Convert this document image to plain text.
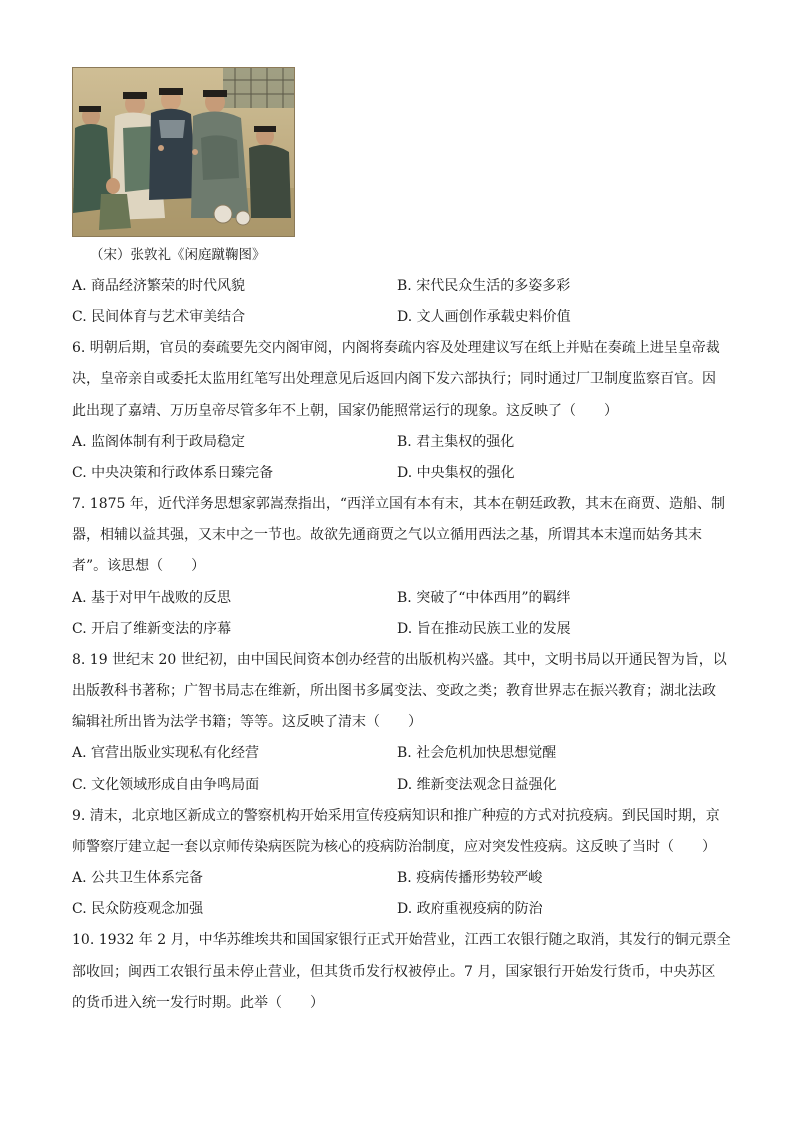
（宋）张敦礼《闲庭蹴鞠图》
A. 商品经济繁荣的时代风貌	B. 宋代民众生活的多姿多彩
C. 民间体育与艺术审美结合	D. 文人画创作承载史料价值
6. 明朝后期，官员的奏疏要先交内阁审阅，内阁将奏疏内容及处理建议写在纸上并贴在奏疏上进呈皇帝裁
决，皇帝亲自或委托太监用红笔写出处理意见后返回内阁下发六部执行；同时通过厂卫制度监察百官。因
此出现了嘉靖、万历皇帝尽管多年不上朝，国家仍能照常运行的现象。这反映了（　　）
A. 监阁体制有利于政局稳定	B. 君主集权的强化
C. 中央决策和行政体系日臻完备	D. 中央集权的强化
7. 1875 年，近代洋务思想家郭嵩焘指出，“西洋立国有本有末，其本在朝廷政教，其末在商贾、造船、制
器，相辅以益其强，又末中之一节也。故欲先通商贾之气以立循用西法之基，所谓其本末遑而姑务其末
者”。该思想（　　）
A. 基于对甲午战败的反思	B. 突破了“中体西用”的羁绊
C. 开启了维新变法的序幕	D. 旨在推动民族工业的发展
8. 19 世纪末 20 世纪初，由中国民间资本创办经营的出版机构兴盛。其中，文明书局以开通民智为旨，以
出版教科书著称；广智书局志在维新，所出图书多属变法、变政之类；教育世界志在振兴教育；湖北法政
编辑社所出皆为法学书籍；等等。这反映了清末（　　）
A. 官营出版业实现私有化经营	B. 社会危机加快思想觉醒
C. 文化领域形成自由争鸣局面	D. 维新变法观念日益强化
9. 清末，北京地区新成立的警察机构开始采用宣传疫病知识和推广种痘的方式对抗疫病。到民国时期，京
师警察厅建立起一套以京师传染病医院为核心的疫病防治制度，应对突发性疫病。这反映了当时（　　）
A. 公共卫生体系完备	B. 疫病传播形势较严峻
C. 民众防疫观念加强	D. 政府重视疫病的防治
10. 1932 年 2 月，中华苏维埃共和国国家银行正式开始营业，江西工农银行随之取消，其发行的铜元票全
部收回；闽西工农银行虽未停止营业，但其货币发行权被停止。7 月，国家银行开始发行货币，中央苏区
的货币进入统一发行时期。此举（　　）
